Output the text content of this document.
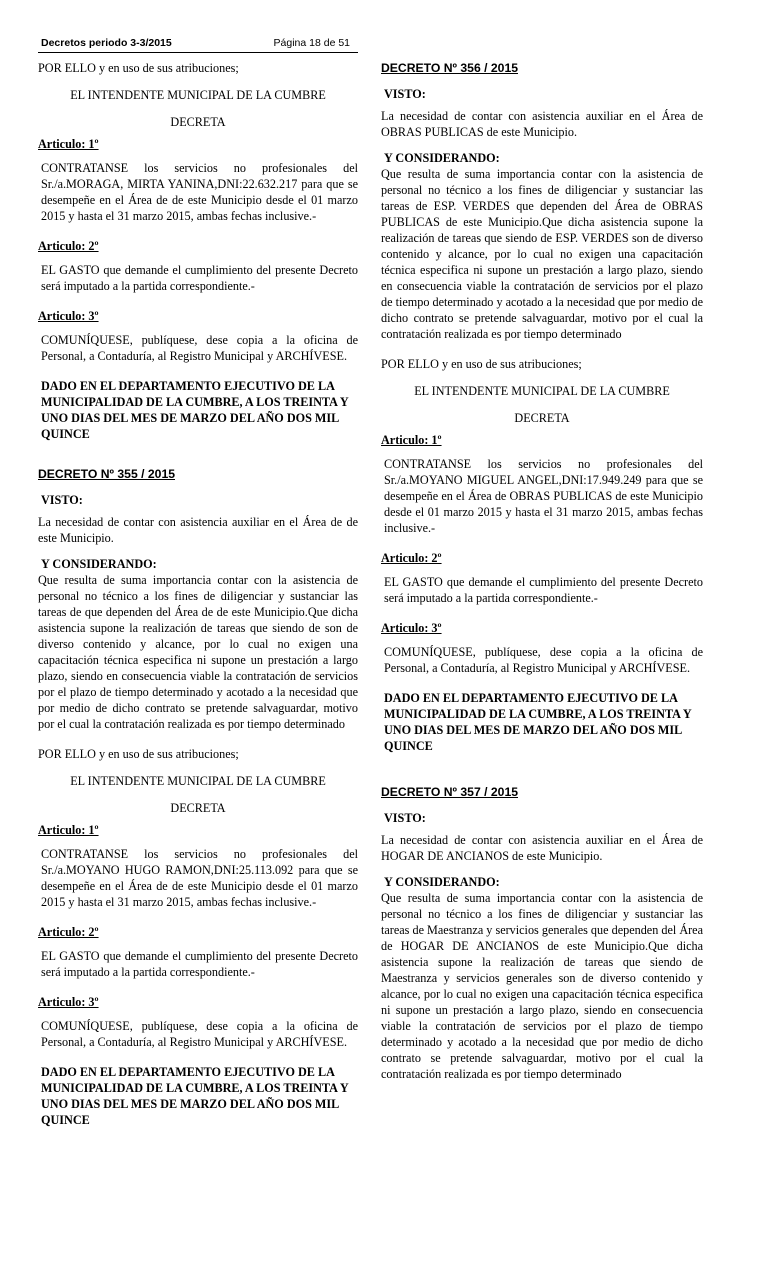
Decretos periodo 3-3/2015	Página 18 de 51

POR ELLO y en uso de sus atribuciones;

EL INTENDENTE MUNICIPAL DE LA CUMBRE

DECRETA

Articulo: 1º

CONTRATANSE los servicios no profesionales del Sr./a.MORAGA, MIRTA YANINA,DNI:22.632.217 para que se desempeñe en el Área de de este Municipio desde el 01 marzo 2015 y hasta el 31 marzo 2015, ambas fechas inclusive.-

Articulo: 2º

EL GASTO que demande el cumplimiento del presente Decreto será imputado a la partida correspondiente.-

Articulo: 3º

COMUNÍQUESE, publíquese, dese copia a la oficina de Personal, a Contaduría, al Registro Municipal y ARCHÍVESE.

DADO EN EL DEPARTAMENTO EJECUTIVO DE LA MUNICIPALIDAD DE LA CUMBRE, A LOS TREINTA Y UNO DIAS DEL MES DE MARZO DEL AÑO DOS MIL QUINCE

DECRETO Nº 355 / 2015

VISTO:

La necesidad de contar con asistencia auxiliar en el Área de de este Municipio.

Y CONSIDERANDO:

Que resulta de suma importancia contar con la asistencia de personal no técnico a los fines de diligenciar y sustanciar las tareas de que dependen del Área de de este Municipio.Que dicha asistencia supone la realización de tareas que siendo de son de diverso contenido y alcance, por lo cual no exigen una capacitación técnica especifica ni supone un prestación a largo plazo, siendo en consecuencia viable la contratación de servicios por el plazo de tiempo determinado y acotado a la necesidad que por medio de dicho contrato se pretende salvaguardar, motivo por el cual la contratación realizada es por tiempo determinado

POR ELLO y en uso de sus atribuciones;

EL INTENDENTE MUNICIPAL DE LA CUMBRE

DECRETA

Articulo: 1º

CONTRATANSE los servicios no profesionales del Sr./a.MOYANO HUGO RAMON,DNI:25.113.092 para que se desempeñe en el Área de de este Municipio desde el 01 marzo 2015 y hasta el 31 marzo 2015, ambas fechas inclusive.-

Articulo: 2º

EL GASTO que demande el cumplimiento del presente Decreto será imputado a la partida correspondiente.-

Articulo: 3º

COMUNÍQUESE, publíquese, dese copia a la oficina de Personal, a Contaduría, al Registro Municipal y ARCHÍVESE.

DADO EN EL DEPARTAMENTO EJECUTIVO DE LA MUNICIPALIDAD DE LA CUMBRE, A LOS TREINTA Y UNO DIAS DEL MES DE MARZO DEL AÑO DOS MIL QUINCE

DECRETO Nº 356 / 2015

VISTO:

La necesidad de contar con asistencia auxiliar en el Área de OBRAS PUBLICAS de este Municipio.

Y CONSIDERANDO:

Que resulta de suma importancia contar con la asistencia de personal no técnico a los fines de diligenciar y sustanciar las tareas de ESP. VERDES que dependen del Área de OBRAS PUBLICAS de este Municipio.Que dicha asistencia supone la realización de tareas que siendo de ESP. VERDES son de diverso contenido y alcance, por lo cual no exigen una capacitación técnica especifica ni supone un prestación a largo plazo, siendo en consecuencia viable la contratación de servicios por el plazo de tiempo determinado y acotado a la necesidad que por medio de dicho contrato se pretende salvaguardar, motivo por el cual la contratación realizada es por tiempo determinado

POR ELLO y en uso de sus atribuciones;

EL INTENDENTE MUNICIPAL DE LA CUMBRE

DECRETA

Articulo: 1º

CONTRATANSE los servicios no profesionales del Sr./a.MOYANO MIGUEL ANGEL,DNI:17.949.249 para que se desempeñe en el Área de OBRAS PUBLICAS de este Municipio desde el 01 marzo 2015 y hasta el 31 marzo 2015, ambas fechas inclusive.-

Articulo: 2º

EL GASTO que demande el cumplimiento del presente Decreto será imputado a la partida correspondiente.-

Articulo: 3º

COMUNÍQUESE, publíquese, dese copia a la oficina de Personal, a Contaduría, al Registro Municipal y ARCHÍVESE.

DADO EN EL DEPARTAMENTO EJECUTIVO DE LA MUNICIPALIDAD DE LA CUMBRE, A LOS TREINTA Y UNO DIAS DEL MES DE MARZO DEL AÑO DOS MIL QUINCE

DECRETO Nº 357 / 2015

VISTO:

La necesidad de contar con asistencia auxiliar en el Área de HOGAR DE ANCIANOS de este Municipio.

Y CONSIDERANDO:

Que resulta de suma importancia contar con la asistencia de personal no técnico a los fines de diligenciar y sustanciar las tareas de Maestranza y servicios generales que dependen del Área de HOGAR DE ANCIANOS de este Municipio.Que dicha asistencia supone la realización de tareas que siendo de Maestranza y servicios generales son de diverso contenido y alcance, por lo cual no exigen una capacitación técnica especifica ni supone un prestación a largo plazo, siendo en consecuencia viable la contratación de servicios por el plazo de tiempo determinado y acotado a la necesidad que por medio de dicho contrato se pretende salvaguardar, motivo por el cual la contratación realizada es por tiempo determinado
